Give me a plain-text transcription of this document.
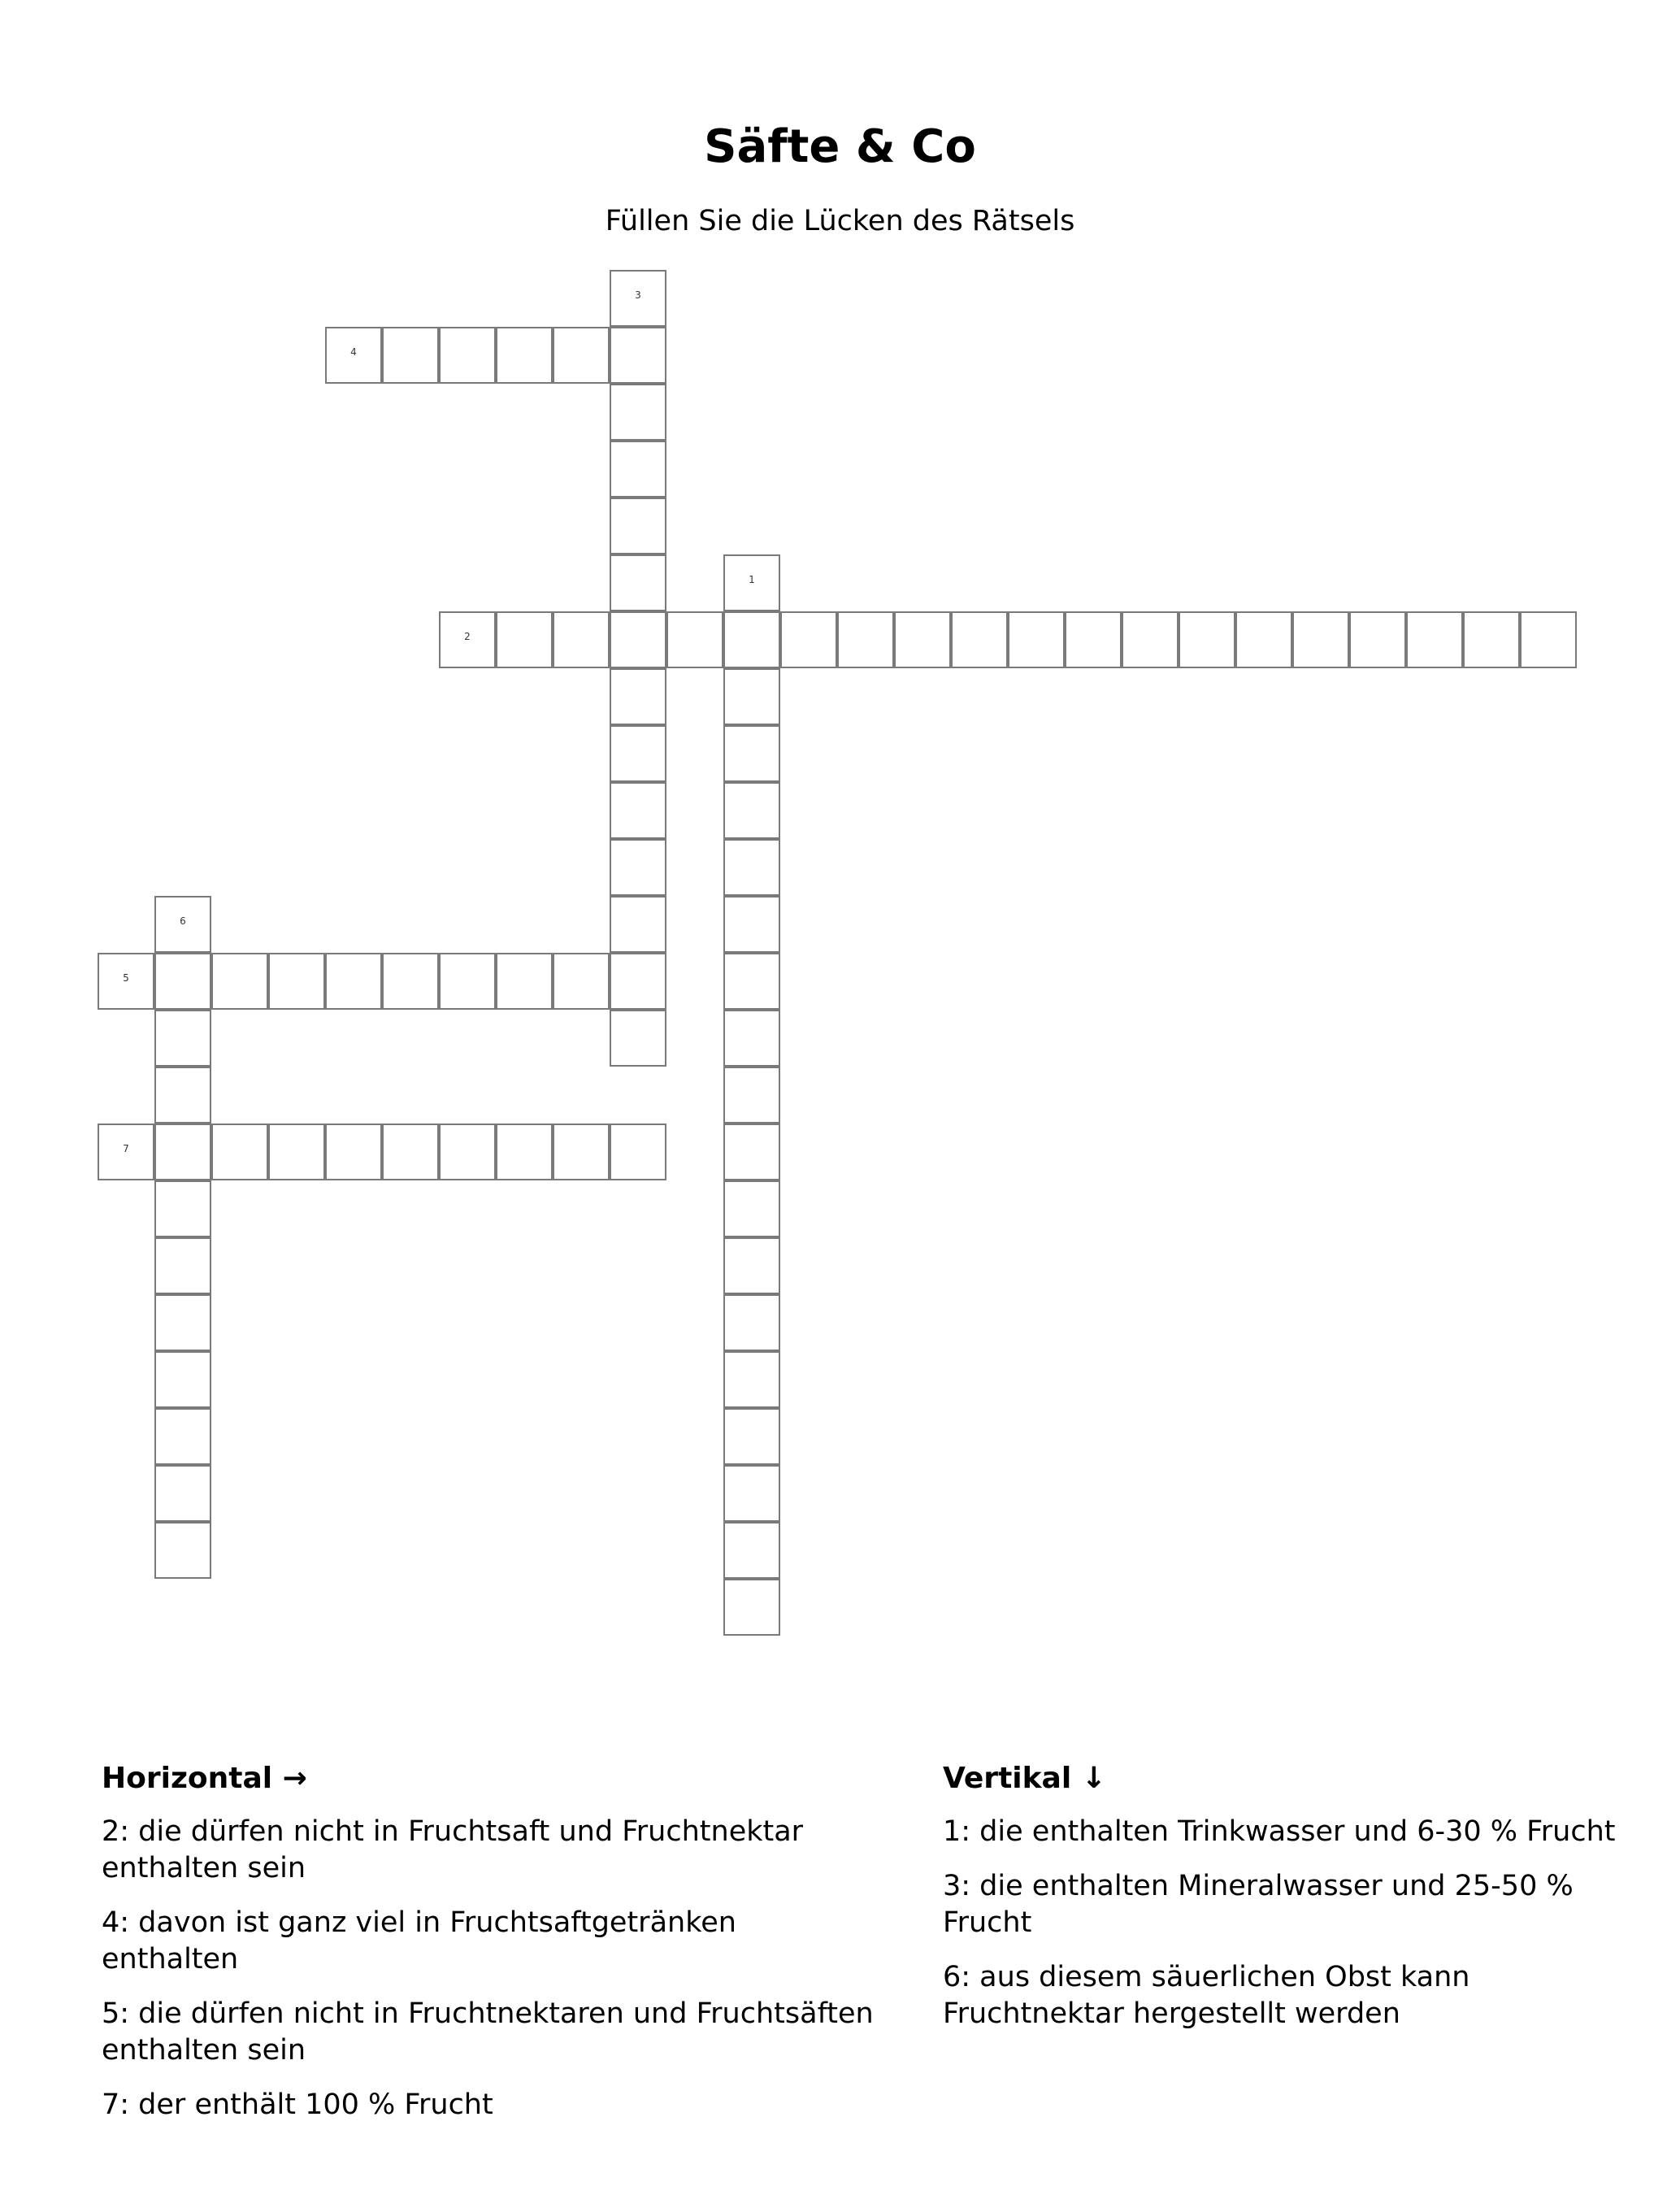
Säfte & Co

Füllen Sie die Lücken des Rätsels

1
2
3
4
5
6
7
Horizontal →
2: die dürfen nicht in Fruchtsaft und Fruchtnektar enthalten sein
4: davon ist ganz viel in Fruchtsaftgetränken enthalten
5: die dürfen nicht in Fruchtnektaren und Fruchtsäften enthalten sein
7: der enthält 100 % Frucht
Vertikal ↓
1: die enthalten Trinkwasser und 6-30 % Frucht
3: die enthalten Mineralwasser und 25-50 % Frucht
6: aus diesem säuerlichen Obst kann Fruchtnektar hergestellt werden
